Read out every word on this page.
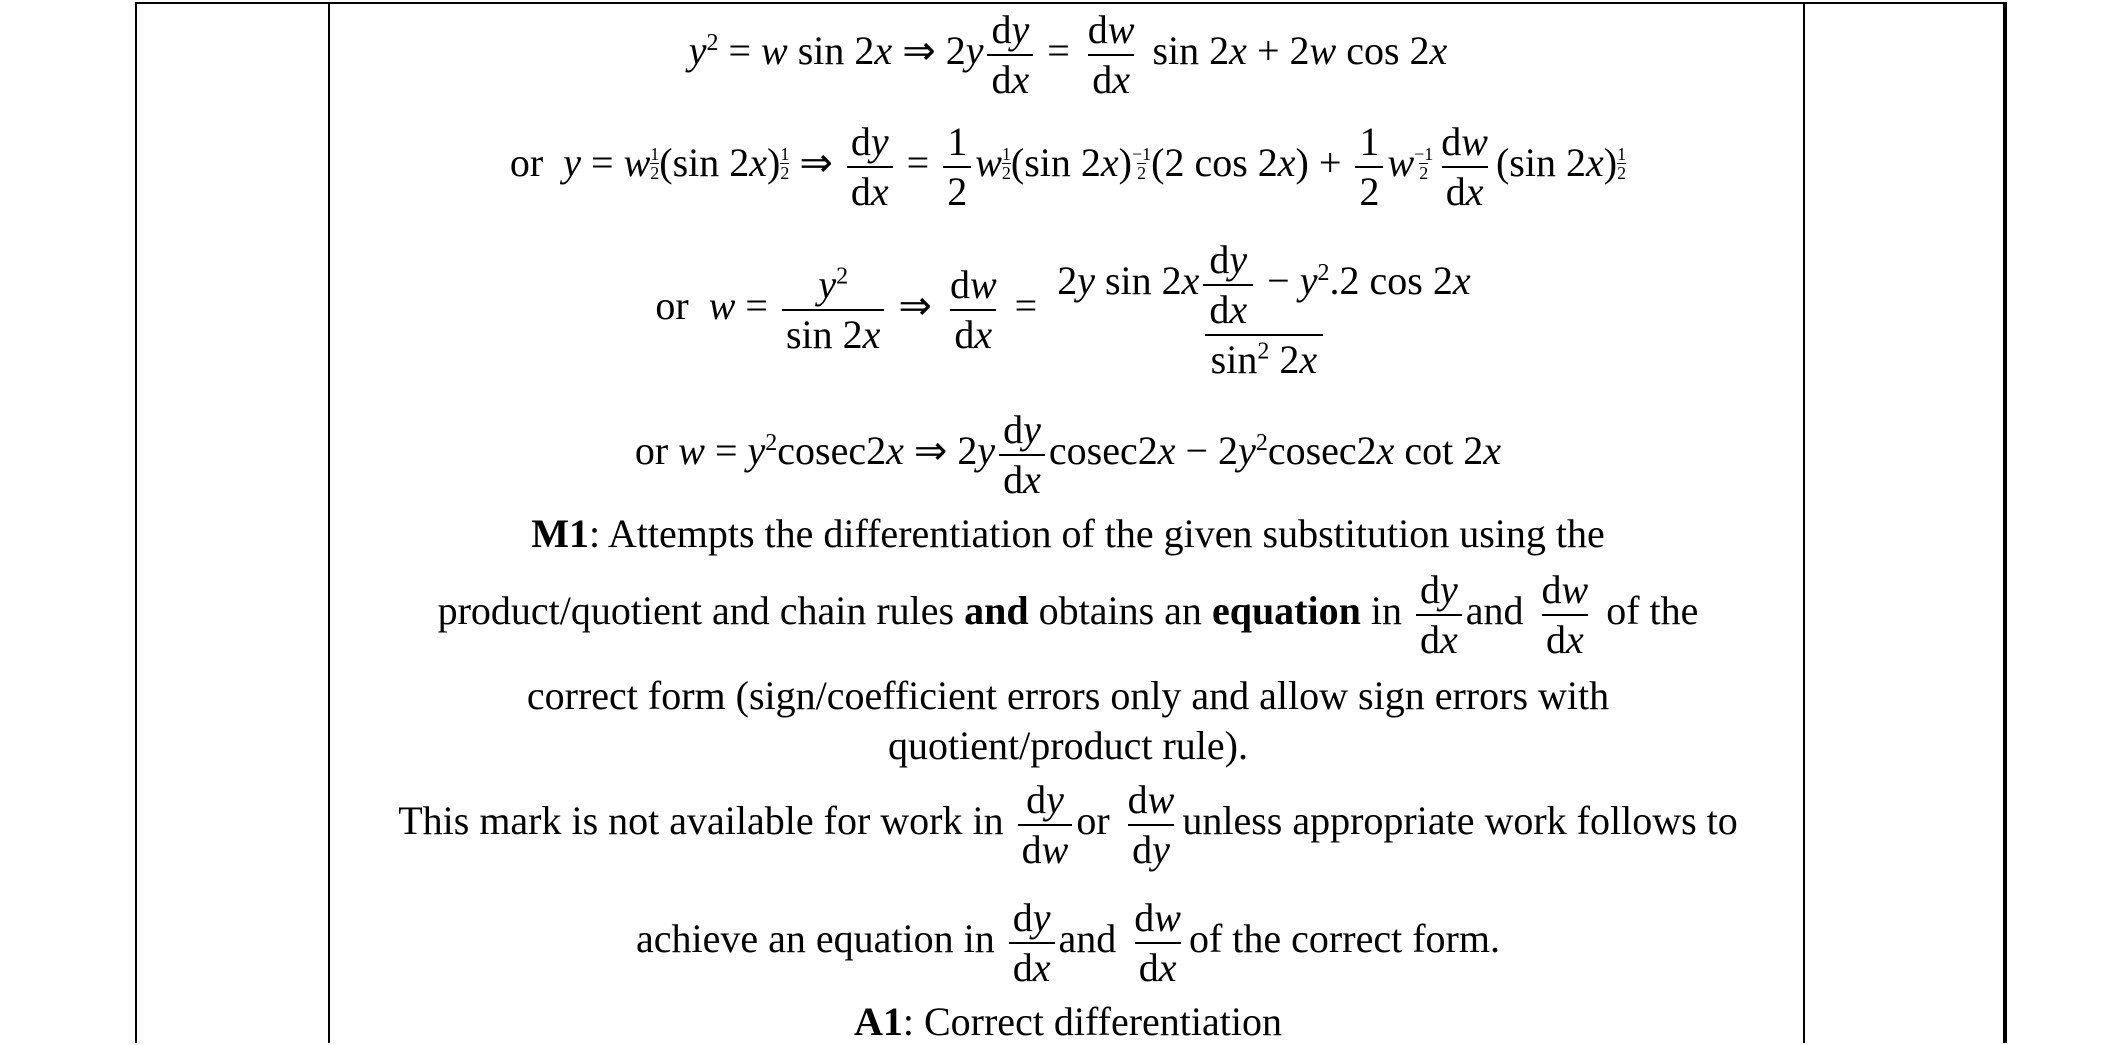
$y^2 = w$ sin 2x ⇒ $2y \frac{dy}{dx} = \frac{dw}{dx}$ sin 2x + 2w cos 2x
or  y = w $\frac{1}{2} (\sin$ $2x) \frac{1}{2}$ ⇒ $\frac{dy}{dx} = \frac{1}{2}$ w $\frac{1}{2} (\sin$ $2x) \frac{-1}{2} (2$ $\cos 2x) + \frac{1}{2}$ w $\frac{-1}{2} \frac{dw}{dx} (\sin$ $2x) \frac{1}{2}$
or  $w = \frac{y^2}{\sin 2x}$ ⇒ $\frac{dw}{dx}$ =
2y $\sin 2x \frac{dy}{dx} - y^2.2$ cos 2x
$\sin^2 2x$
or $w = y^2cosec2x$ ⇒ $2y \frac{dy}{dx} cosec2x - 2y^2cosec2x$ cot 2x
M1: Attempts the differentiation of the given substitution using the
product/quotient and chain rules and obtains an equation in $\frac{dy}{dx}$ and $\frac{dw}{dx}$ of the
correct form (sign/coefficient errors only and allow sign errors with
quotient/product rule).
This mark is not available for work in $\frac{dy}{dw}$ or $\frac{dw}{dy}$ unless appropriate work follows to
achieve an equation in $\frac{dy}{dx}$ and $\frac{dw}{dx}$ of the correct form.
A1: Correct differentiation
